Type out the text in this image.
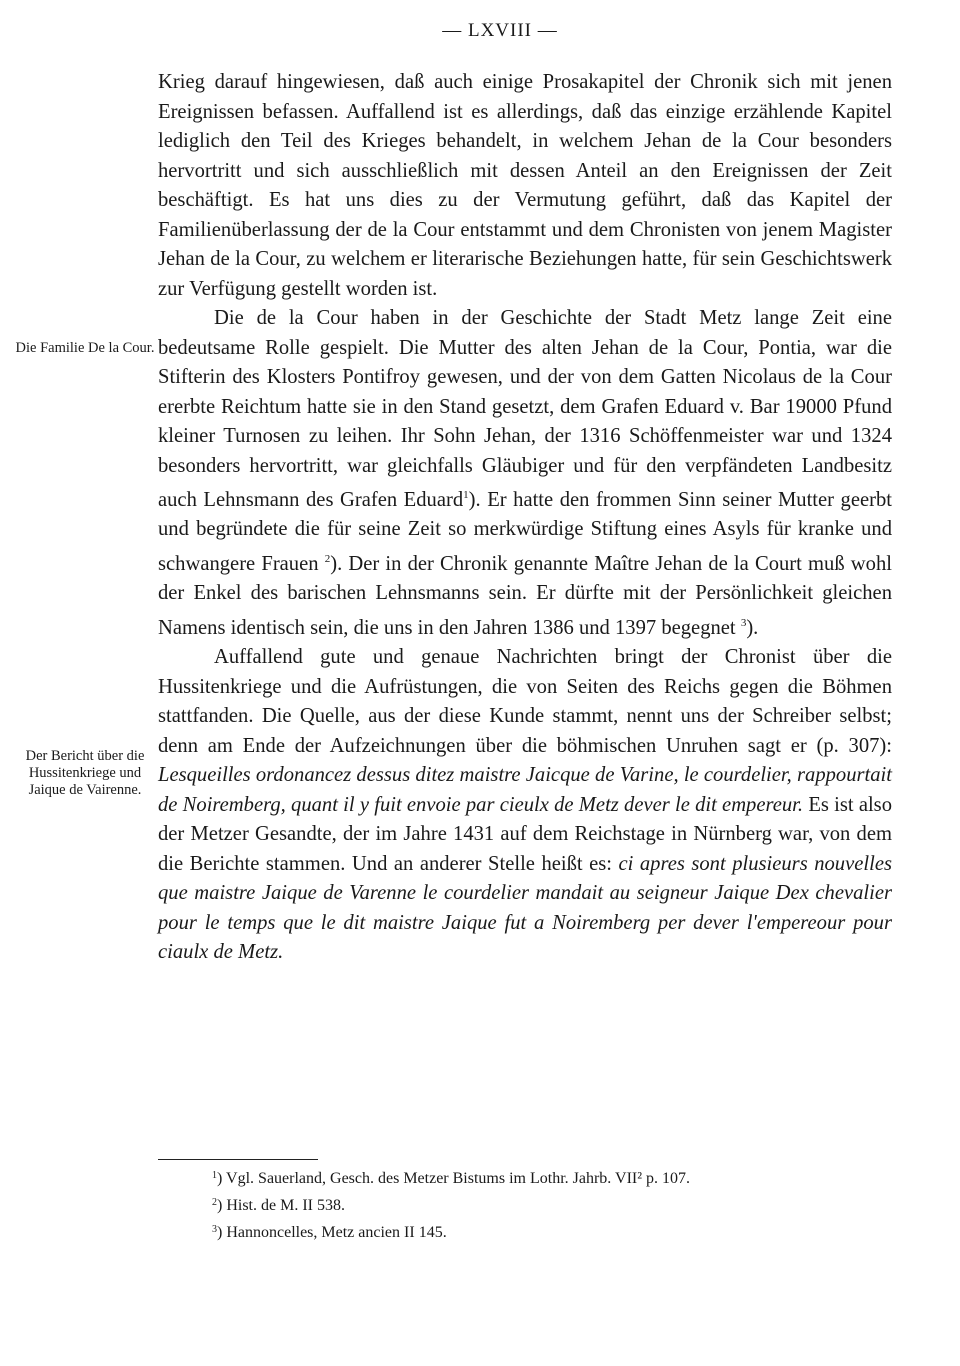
— LXVIII —
Die Familie De la Cour.
Der Bericht über die Hussitenkriege und Jaique de Vairenne.

Krieg darauf hingewiesen, daß auch einige Prosakapitel der Chronik sich mit jenen Ereignissen befassen. Auffallend ist es allerdings, daß das einzige erzählende Kapitel lediglich den Teil des Krieges behandelt, in welchem Jehan de la Cour besonders hervortritt und sich ausschließlich mit dessen Anteil an den Ereignissen der Zeit beschäftigt. Es hat uns dies zu der Vermutung geführt, daß das Kapitel der Familienüberlassung der de la Cour entstammt und dem Chronisten von jenem Magister Jehan de la Cour, zu welchem er literarische Beziehungen hatte, für sein Geschichtswerk zur Verfügung gestellt worden ist.

Die de la Cour haben in der Geschichte der Stadt Metz lange Zeit eine bedeutsame Rolle gespielt. Die Mutter des alten Jehan de la Cour, Pontia, war die Stifterin des Klosters Pontifroy gewesen, und der von dem Gatten Nicolaus de la Cour ererbte Reichtum hatte sie in den Stand gesetzt, dem Grafen Eduard v. Bar 19000 Pfund kleiner Turnosen zu leihen. Ihr Sohn Jehan, der 1316 Schöffenmeister war und 1324 besonders hervortritt, war gleichfalls Gläubiger und für den verpfändeten Landbesitz auch Lehnsmann des Grafen Eduard$^1$). Er hatte den frommen Sinn seiner Mutter geerbt und begründete die für seine Zeit so merkwürdige Stiftung eines Asyls für kranke und schwangere Frauen $^2$). Der in der Chronik genannte Maître Jehan de la Court muß wohl der Enkel des barischen Lehnsmanns sein. Er dürfte mit der Persönlichkeit gleichen Namens identisch sein, die uns in den Jahren 1386 und 1397 begegnet $^3$).

Auffallend gute und genaue Nachrichten bringt der Chronist über die Hussitenkriege und die Aufrüstungen, die von Seiten des Reichs gegen die Böhmen stattfanden. Die Quelle, aus der diese Kunde stammt, nennt uns der Schreiber selbst; denn am Ende der Aufzeichnungen über die böhmischen Unruhen sagt er (p. 307): Lesqueilles ordonancez dessus ditez maistre Jaicque de Varine, le courdelier, rappourtait de Noiremberg, quant il y fuit envoie par cieulx de Metz dever le dit empereur. Es ist also der Metzer Gesandte, der im Jahre 1431 auf dem Reichstage in Nürnberg war, von dem die Berichte stammen. Und an anderer Stelle heißt es: ci apres sont plusieurs nouvelles que maistre Jaique de Varenne le courdelier mandait au seigneur Jaique Dex chevalier pour le temps que le dit maistre Jaique fut a Noiremberg per dever l'empereour pour ciaulx de Metz.

$^1$) Vgl. Sauerland, Gesch. des Metzer Bistums im Lothr. Jahrb. VII² p. 107.
$^2$) Hist. de M. II 538.
$^3$) Hannoncelles, Metz ancien II 145.
